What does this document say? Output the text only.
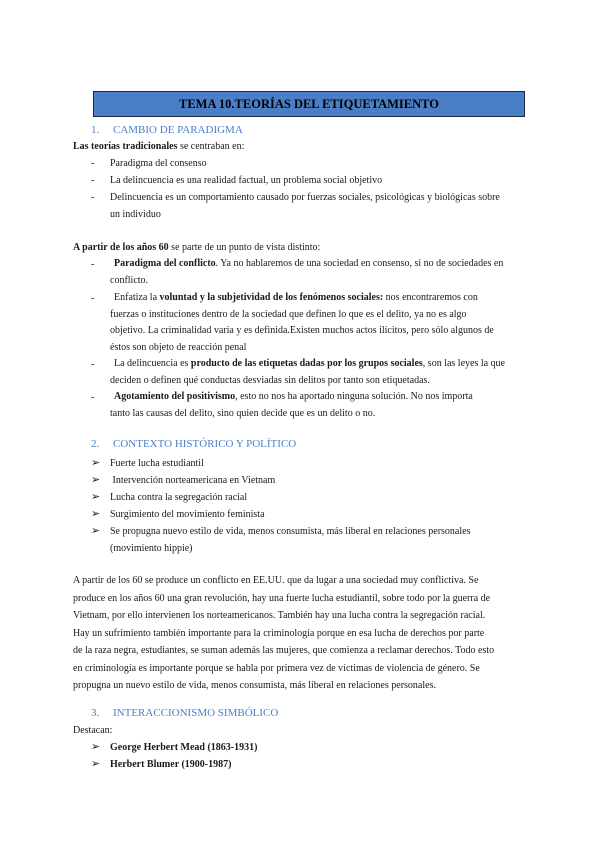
TEMA 10.TEORÍAS DEL ETIQUETAMIENTO
1. CAMBIO DE PARADIGMA
Las teorías tradicionales se centraban en:
- Paradigma del consenso
- La delincuencia es una realidad factual, un problema social objetivo
- Delincuencia es un comportamiento causado por fuerzas sociales, psicológicas y biológicas sobre
un individuo
A partir de los años 60 se parte de un punto de vista distinto:
-	Paradigma del conflicto. Ya no hablaremos de una sociedad en consenso, si no de sociedades en
conflicto.
-	Enfatiza la voluntad y la subjetividad de los fenómenos sociales: nos encontraremos con
fuerzas o instituciones dentro de la sociedad que definen lo que es el delito, ya no es algo
objetivo. La criminalidad varía y es definida.Existen muchos actos ilícitos, pero sólo algunos de
éstos son objeto de reacción penal
-	La delincuencia es producto de las etiquetas dadas por los grupos sociales, son las leyes la que
deciden o definen qué conductas desviadas sin delitos por tanto son etiquetadas.
-	Agotamiento del positivismo, esto no nos ha aportado ninguna solución. No nos importa
tanto las causas del delito, sino quien decide que es un delito o no.
2. CONTEXTO HISTÓRICO Y POLÍTICO
➢ Fuerte lucha estudiantil
➢ Intervención norteamericana en Vietnam
➢ Lucha contra la segregación racial
➢ Surgimiento del movimiento feminista
➢ Se propugna nuevo estilo de vida, menos consumista, más liberal en relaciones personales
(movimiento hippie)
A partir de los 60 se produce un conflicto en EE.UU. que da lugar a una sociedad muy conflictiva. Se
produce en los años 60 una gran revolución, hay una fuerte lucha estudiantil, sobre todo por la guerra de
Vietnam, por ello intervienen los norteamericanos. También hay una lucha contra la segregación racial.
Hay un sufrimiento también importante para la criminología porque en esa lucha de derechos por parte
de la raza negra, estudiantes, se suman además las mujeres, que comienza a reclamar derechos. Todo esto
en criminología es importante porque se habla por primera vez de víctimas de violencia de género. Se
propugna un nuevo estilo de vida, menos consumista, más liberal en relaciones personales.
3. INTERACCIONISMO SIMBÓLICO
Destacan:
➢ George Herbert Mead (1863-1931)
➢ Herbert Blumer (1900-1987)
